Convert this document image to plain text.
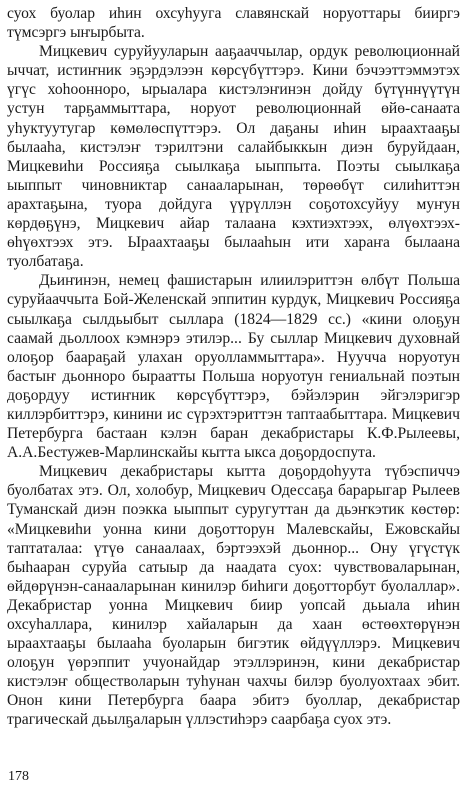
суох буолар иһин охсуһууга славянскай норуоттары бииргэ түмсэргэ ыҥырбыта.

Мицкевич суруйууларын ааҕааччылар, ордук революционнай ыччат, истиҥник эҕэрдэлээн көрсүбүттэрэ. Кини бэчээттэммэтэх үгүс хоһооннорo, ырыалара кистэлэҥинэн дойду бүтүннүүтүн устун тарҕаммыттара, норуот революционнай өйө-санаата уһуктуутугар көмөлөспүттэрэ. Ол даҕаны иһин ыраахтааҕы былааһа, кистэлэҥ тэрилтэни салайбыккын диэн буруйдаан, Мицкевиһи Россияҕа сыылкаҕа ыыппыта. Поэты сыылкаҕа ыыппыт чиновниктар санааларынан, төрөөбүт силиһиттэн арахтаҕына, туора дойдуга үүрүллэн соҕотохсуйуу муҥун көрдөҕүнэ, Мицкевич айар талаана кэхтиэхтээх, өлүөхтээх-өһүөхтээх этэ. Ыраахтааҕы былааһын ити хараҥа былаана туолбатаҕа.

Дьиҥинэн, немец фашистарын илиилэриттэн өлбүт Польша суруйааччыта Бой-Желенскай эппитин курдук, Мицкевич Россияҕа сыылкаҕа сылдьыбыт сыллара (1824—1829 сс.) «кини олоҕун саамай дьоллоох кэмнэрэ этилэр... Бу сыллар Мицкевич духовнай олоҕор баараҕай улахан оруолламмыттара». Нуучча норуотун бастыҥ дьоннорo быраатты Польша норуотун гениальнай поэтын доҕордуу истиҥник көрсүбүттэрэ, бэйэлэрин эйгэлэригэр киллэрбиттэрэ, кинини ис сүрэхтэриттэн таптаабыттара. Мицкевич Петербурга бастаан кэлэн баран декабристары К.Ф.Рылеевы, А.А.Бестужев-Марлинскайы кытта ыкса доҕордоспута.

Мицкевич декабристары кытта доҕордоһуута түбэспиччэ буолбатах этэ. Ол, холобур, Мицкевич Одессаҕа барарыгар Рылеев Туманскай диэн поэкка ыыппыт суругуттан да дьэҥкэтик көстөр: «Мицкевиһи уонна кини доҕотторун Малевскайы, Ежовскайы таптаталаа: үтүө санаалаах, бэртээхэй дьоннор... Ону үгүстүк быһааран суруйа сатыыр да наадата суох: чувствоваларынан, өйдөрүнэн-санааларынан кинилэр биһиги доҕотторбут буолаллар». Декабристар уонна Мицкевич биир уопсай дьыала иһин охсуһаллара, кинилэр хайаларын да хаан өстөөхтөрүнэн ыраахтааҕы былааһа буоларын бигэтик өйдүүллэрэ. Мицкевич олоҕун үөрэппит учуонайдар этэллэринэн, кини декабристар кистэлэҥ обществоларын туһунан чахчы билэр буолуохтаах эбит. Онон кини Петербурга баара эбитэ буоллар, декабристар трагическай дьылҕаларын үллэстиһэрэ саарбаҕа суох этэ.

178
